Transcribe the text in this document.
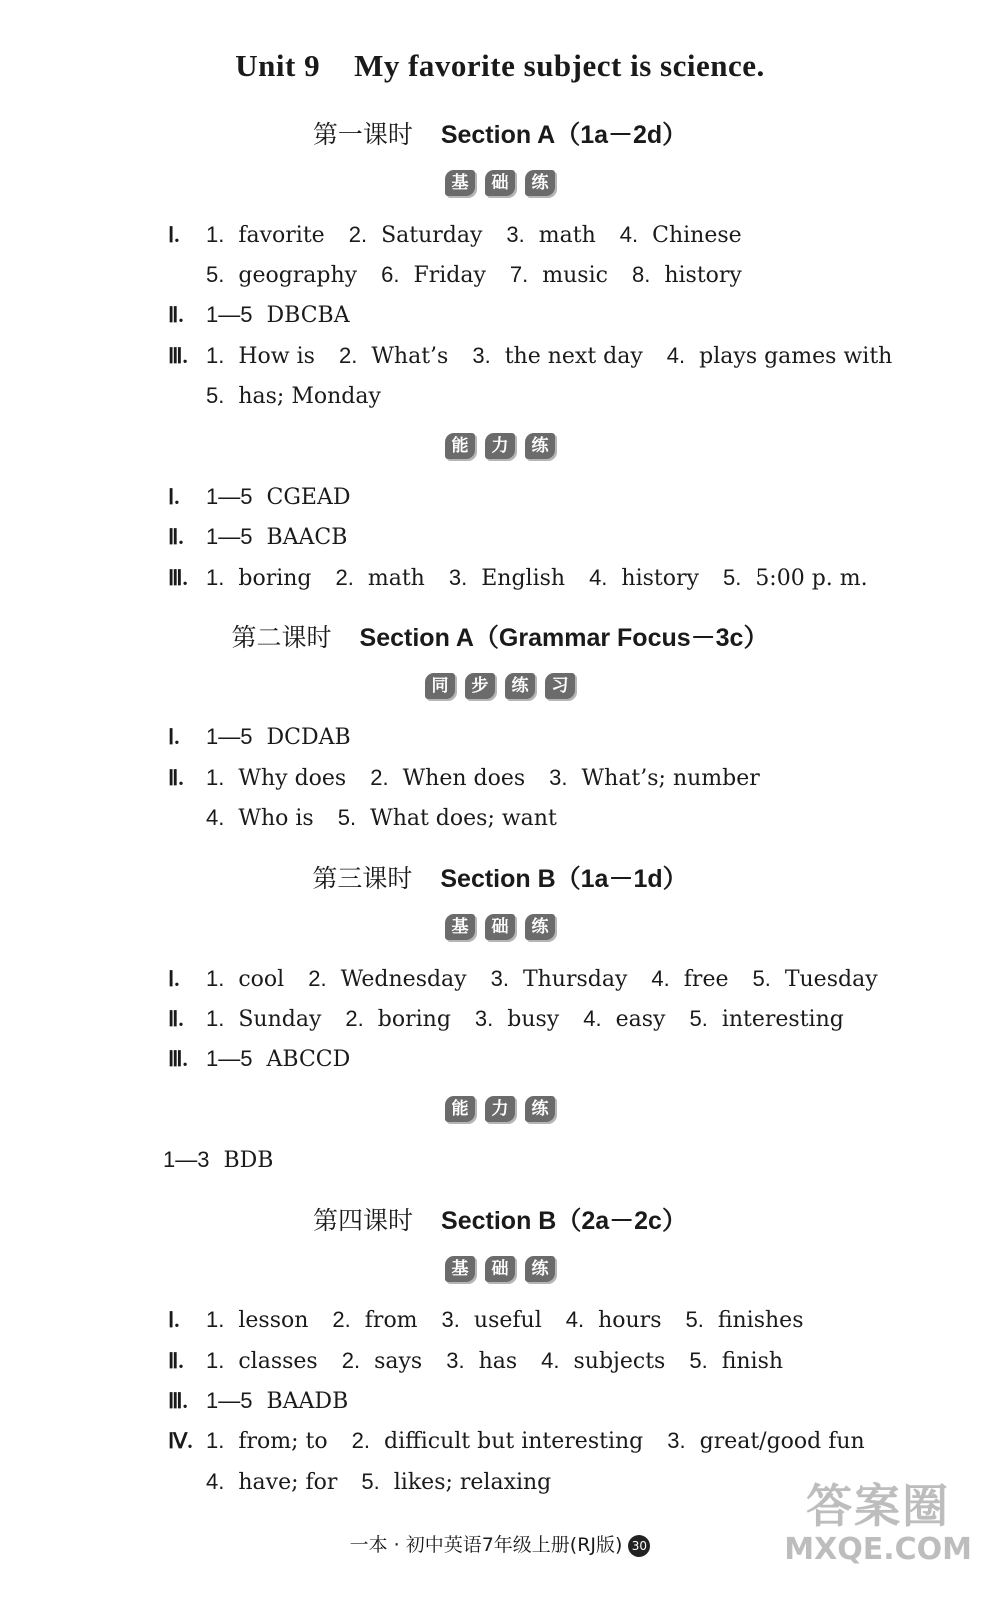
Unit 9 My favorite subject is science.
第一课时 Section A（1a－2d）
基 础 练
Ⅰ. 1. favorite 2. Saturday 3. math 4. Chinese
5. geography 6. Friday 7. music 8. history
Ⅱ. 1—5 DBCBA
Ⅲ. 1. How is 2. What’s 3. the next day 4. plays games with
5. has; Monday
能 力 练
Ⅰ. 1—5 CGEAD
Ⅱ. 1—5 BAACB
Ⅲ. 1. boring 2. math 3. English 4. history 5. 5:00 p. m.
第二课时 Section A（Grammar Focus－3c）
同 步 练 习
Ⅰ. 1—5 DCDAB
Ⅱ. 1. Why does 2. When does 3. What’s; number
4. Who is 5. What does; want
第三课时 Section B（1a－1d）
基 础 练
Ⅰ. 1. cool 2. Wednesday 3. Thursday 4. free 5. Tuesday
Ⅱ. 1. Sunday 2. boring 3. busy 4. easy 5. interesting
Ⅲ. 1—5 ABCCD
能 力 练
1—3 BDB
第四课时 Section B（2a－2c）
基 础 练
Ⅰ. 1. lesson 2. from 3. useful 4. hours 5. finishes
Ⅱ. 1. classes 2. says 3. has 4. subjects 5. finish
Ⅲ. 1—5 BAADB
Ⅳ. 1. from; to 2. difficult but interesting 3. great/good fun
4. have; for 5. likes; relaxing
一本 · 初中英语7年级上册(RJ版) 30
答案圈
MXQE.COM
